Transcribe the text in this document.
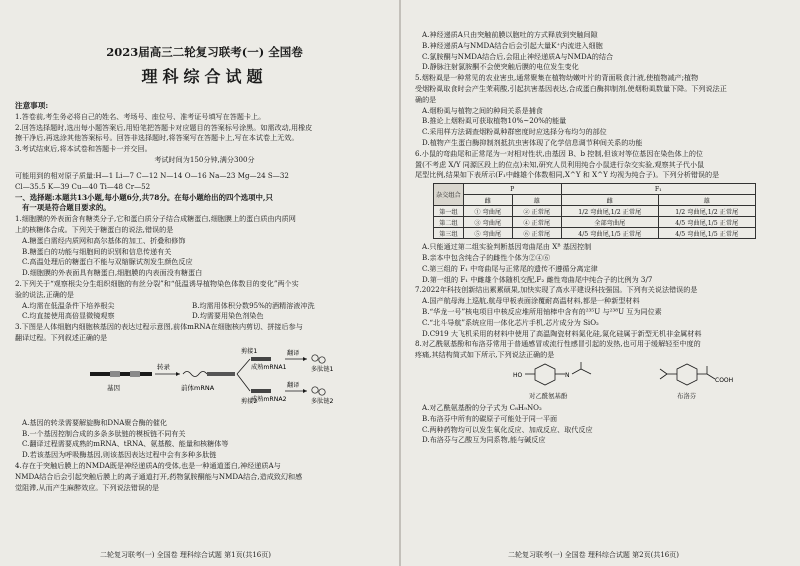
2023届高三二轮复习联考(一) 全国卷
理科综合试题
注意事项:
1.答卷前,考生务必将自己的姓名、考场号、座位号、准考证号填写在答题卡上。
2.回答选择题时,选出每小题答案后,用铅笔把答题卡对应题目的答案标号涂黑。如需改动,用橡皮
擦干净后,再选涂其他答案标号。回答非选择题时,将答案写在答题卡上,写在本试卷上无效。
3.考试结束后,将本试卷和答题卡一并交回。
考试时间为150分钟,满分300分
可能用到的相对原子质量:H—1 Li—7 C—12 N—14 O—16 Na—23 Mg—24 S—32
Cl—35.5 K—39 Cu—40 Ti—48 Cr—52
一、选择题:本题共13小题,每小题6分,共78分。在每小题给出的四个选项中,只
有一项是符合题目要求的。
1.细胞膜的外表面含有糖类分子,它和蛋白质分子结合成糖蛋白,细胞膜上的蛋白质由内质网
上的核糖体合成。下列关于糖蛋白的说法,错误的是
A.糖蛋白需经内质网和高尔基体的加工、折叠和修饰
B.糖蛋白的功能与细胞间的识别和信息传递有关
C.高温处理后的糖蛋白不能与双缩脲试剂发生颜色反应
D.细胞膜的外表面具有糖蛋白,细胞膜的内表面没有糖蛋白
2.下列关于“观察根尖分生组织细胞的有丝分裂”和“低温诱导植物染色体数目的变化”两个实
验的说法,正确的是
A.均需在低温条件下培养根尖	B.均需用体积分数95%的酒精溶液冲洗
C.均直接使用高倍显微镜观察	D.均需要用染色剂染色
3.下图是人体细胞内细胞核基因的表达过程示意图,前体mRNA在细胞核内剪切、拼接后参与
翻译过程。下列叙述正确的是
基因
转录
前体mRNA
剪接1
剪接2
成熟mRNA1
翻译
多肽链1
成熟mRNA2
翻译
多肽链2
A.基因的转录需要解旋酶和DNA聚合酶的催化
B.一个基因控制合成的多条多肽链的模板链不同有关
C.翻译过程需要成熟的mRNA、tRNA、氨基酸、能量和核糖体等
D.若该基因为呼吸酶基因,则该基因表达过程中会有多种多肽链
4.存在于突触后膜上的NMDA既是神经递质A的受体,也是一种通道蛋白,神经递质A与
NMDA结合后会引起突触后膜上的离子通道打开,药物氯胺酮能与NMDA结合,造成致幻和感
觉阻滞,从而产生麻醉效应。下列说法错误的是
二轮复习联考(一) 全国卷 理科综合试题 第1页(共16页)
A.神经递质A只由突触前膜以胞吐的方式释放到突触间隙
B.神经递质A与NMDA结合后会引起大量K⁺内流进入细胞
C.氯胺酮与NMDA结合后,会阻止神经递质A与NMDA的结合
D.静脉注射氯胺酮不会使突触后膜的电位发生变化
5.烟粉虱是一种常见的农业害虫,通常聚集在植物幼嫩叶片的背面吸食汁液,使植物减产;植物
受烟粉虱取食时会产生茉莉酸,引起抗害基因表达,合成蛋白酶抑制剂,使烟粉虱数量下降。下列说法正
确的是
A.烟粉虱与植物之间的种间关系是捕食
B.推论上烟粉虱可获取植物10%~20%的能量
C.采用样方法调查烟粉虱种群密度时应选择分布均匀的部位
D.植物产生蛋白酶抑制剂抵抗虫害体现了化学信息调节种间关系的功能
6.小鼠的弯曲尾和正常尾为一对相对性状,由基因 B、b 控制,但该对等位基因在染色体上的位
置(不考虑 X/Y 同源区段上的位点)未知,研究人员利用纯合小鼠进行杂交实验,观察其子代小鼠
尾型比例,结果如下表所示(F₁中雌雄个体数相同,X^Y 和 X^Y 均视为纯合子)。下列分析错误的是
杂交组合	P		F₁	
	雌	雄	雌	雄
第一组	① 弯曲尾	② 正常尾	1/2 弯曲尾,1/2 正常尾	1/2 弯曲尾,1/2 正常尾
第二组	③ 弯曲尾	④ 正常尾	全部弯曲尾	4/5 弯曲尾,1/5 正常尾
第三组	⑤ 弯曲尾	⑥ 正常尾	4/5 弯曲尾,1/5 正常尾	4/5 弯曲尾,1/5 正常尾
A.只能通过第二组实验判断基因弯曲尾由 Xᴮ 基因控制
B.亲本中包含纯合子的雌性个体为②④⑥
C.第三组的 F₁ 中弯曲尾与正常尾的遗传不遵循分离定律
D.第一组的 F₁ 中雌雄个体随机交配,F₂ 雌性弯曲尾中纯合子的比例为 3/7
7.2022年科技创新结出累累硕果,加快实现了高水平建设科技强国。下列有关说法错误的是
A.国产航母海上巡航,航母甲板表面涂覆耐高温材料,都是一种新型材料
B.“华龙一号”核电项目中核反应堆所用铀棒中含有的²³⁵U 与²³⁸U 互为同位素
C.“北斗导航”系统应用一体化芯片手机,芯片成分为 SiO₂
D.C919 大飞机采用的材料中使用了高温陶瓷材料氮化硅,氮化硅属于新型无机非金属材料
8.对乙酰氨基酚和布洛芬常用于普通感冒或流行性感冒引起的发热,也可用于缓解轻至中度的
疼痛,其结构简式如下所示,下列说法正确的是
HO	N
COOH
对乙酰氨基酚	布洛芬
A.对乙酰氨基酚的分子式为 C₈H₉NO₂
B.布洛芬中所有的碳原子可能处于同一平面
C.两种药物均可以发生氧化反应、加成反应、取代反应
D.布洛芬与乙酸互为同系物,能与碱反应
二轮复习联考(一) 全国卷 理科综合试题 第2页(共16页)
